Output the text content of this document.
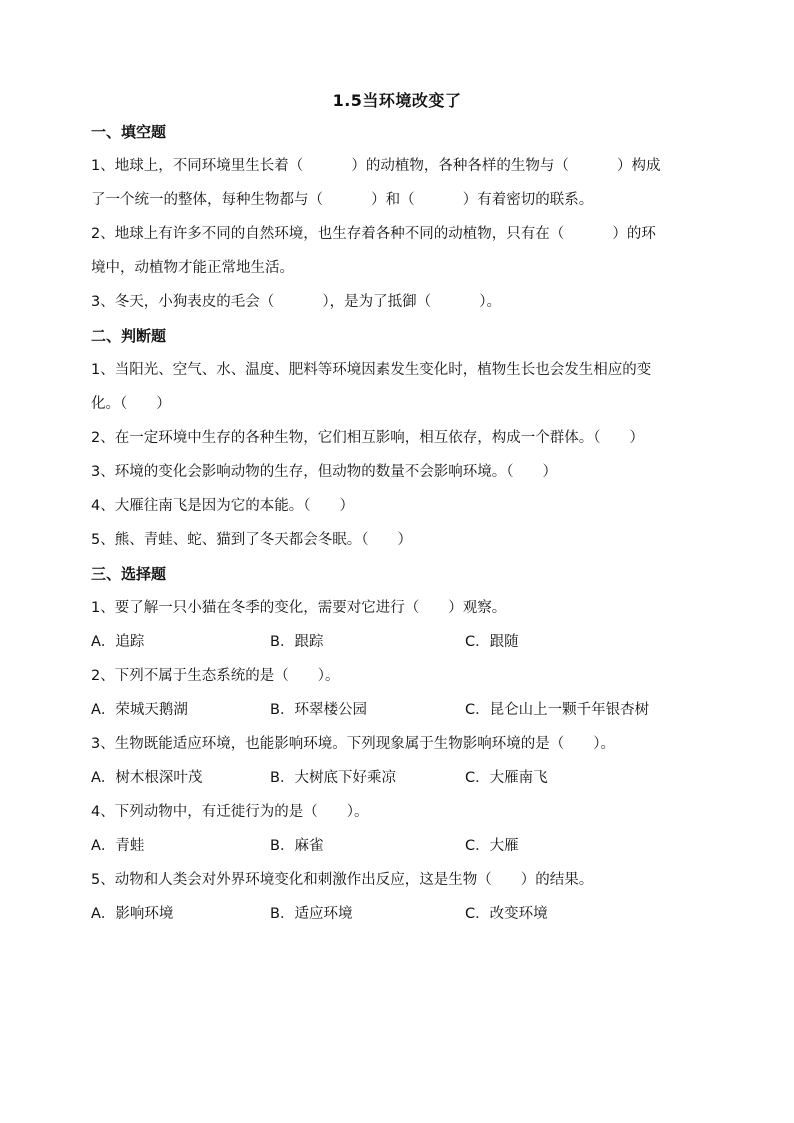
1.5当环境改变了
一、填空题
1、地球上，不同环境里生长着（　　　 ）的动植物，各种各样的生物与（　　　 ）构成
了一个统一的整体，每种生物都与（　　　 ）和（　　　 ）有着密切的联系。
2、地球上有许多不同的自然环境，也生存着各种不同的动植物，只有在（　　　 ）的环
境中，动植物才能正常地生活。
3、冬天，小狗表皮的毛会（　　　 ），是为了抵御（　　　 ）。
二、判断题
1、当阳光、空气、水、温度、肥料等环境因素发生变化时，植物生长也会发生相应的变
化。（　　）
2、在一定环境中生存的各种生物，它们相互影响，相互依存，构成一个群体。（　　）
3、环境的变化会影响动物的生存，但动物的数量不会影响环境。（　　）
4、大雁往南飞是因为它的本能。（　　）
5、熊、青蛙、蛇、猫到了冬天都会冬眠。（　　）
三、选择题
1、要了解一只小猫在冬季的变化，需要对它进行（　　）观察。
A．追踪	B．跟踪	C．跟随
2、下列不属于生态系统的是（　　）。
A．荣城天鹅湖	B．环翠楼公园	C．昆仑山上一颗千年银杏树
3、生物既能适应环境，也能影响环境。下列现象属于生物影响环境的是（　　）。
A．树木根深叶茂	B．大树底下好乘凉	C．大雁南飞
4、下列动物中，有迁徙行为的是（　　）。
A．青蛙	B．麻雀	C．大雁
5、动物和人类会对外界环境变化和刺激作出反应，这是生物（　　）的结果。
A．影响环境	B．适应环境	C．改变环境
